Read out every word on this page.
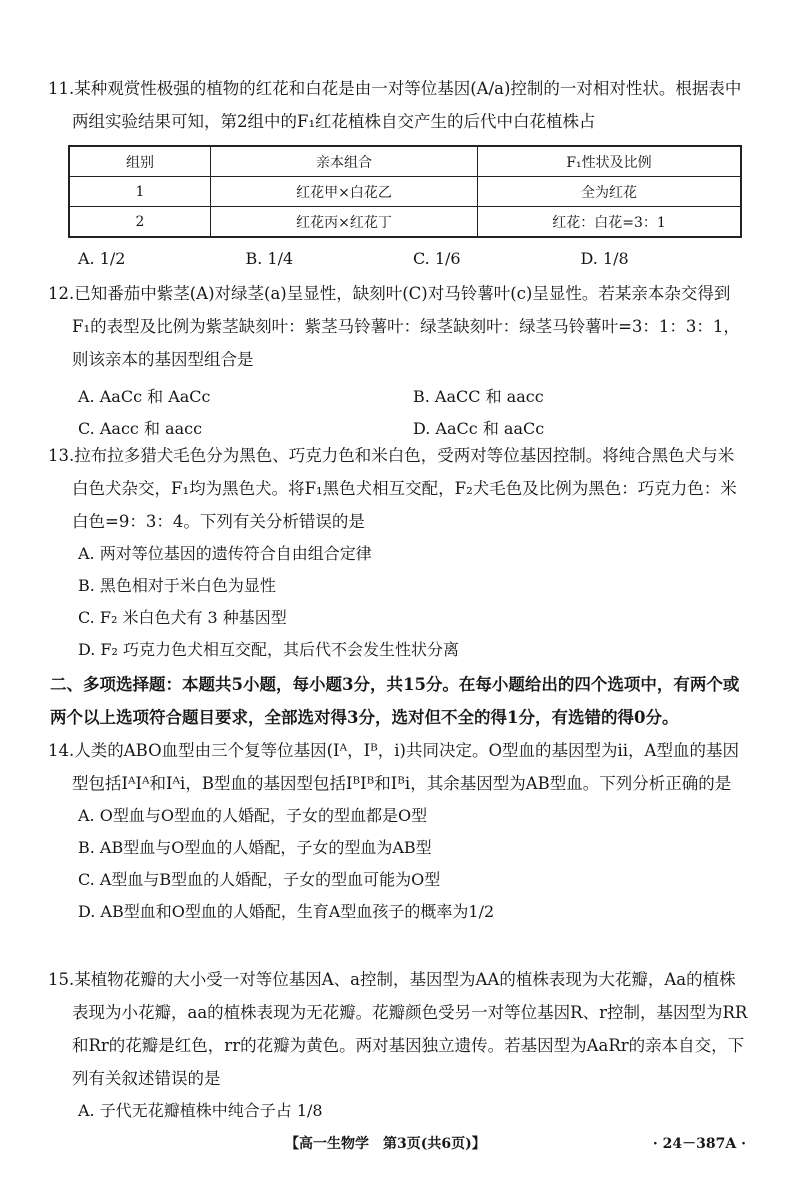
11.某种观赏性极强的植物的红花和白花是由一对等位基因(A/a)控制的一对相对性状。根据表中两组实验结果可知，第2组中的F₁红花植株自交产生的后代中白花植株占
组别	亲本组合	F₁性状及比例
1	红花甲×白花乙	全为红花
2	红花丙×红花丁	红花：白花=3：1
A. 1/2	B. 1/4	C. 1/6	D. 1/8
12.已知番茄中紫茎(A)对绿茎(a)呈显性，缺刻叶(C)对马铃薯叶(c)呈显性。若某亲本杂交得到F₁的表型及比例为紫茎缺刻叶：紫茎马铃薯叶：绿茎缺刻叶：绿茎马铃薯叶=3：1：3：1，则该亲本的基因型组合是
A. AaCc 和 AaCc	B. AaCC 和 aacc
C. Aacc 和 aacc	D. AaCc 和 aaCc
13.拉布拉多猎犬毛色分为黑色、巧克力色和米白色，受两对等位基因控制。将纯合黑色犬与米白色犬杂交，F₁均为黑色犬。将F₁黑色犬相互交配，F₂犬毛色及比例为黑色：巧克力色：米白色=9：3：4。下列有关分析错误的是
A. 两对等位基因的遗传符合自由组合定律
B. 黑色相对于米白色为显性
C. F₂ 米白色犬有 3 种基因型
D. F₂ 巧克力色犬相互交配，其后代不会发生性状分离
二、多项选择题：本题共5小题，每小题3分，共15分。在每小题给出的四个选项中，有两个或两个以上选项符合题目要求，全部选对得3分，选对但不全的得1分，有选错的得0分。
14.人类的ABO血型由三个复等位基因(Iᴬ，Iᴮ，i)共同决定。O型血的基因型为ii，A型血的基因型包括IᴬIᴬ和Iᴬi，B型血的基因型包括IᴮIᴮ和Iᴮi，其余基因型为AB型血。下列分析正确的是
A. O型血与O型血的人婚配，子女的型血都是O型
B. AB型血与O型血的人婚配，子女的型血为AB型
C. A型血与B型血的人婚配，子女的型血可能为O型
D. AB型血和O型血的人婚配，生育A型血孩子的概率为1/2
15.某植物花瓣的大小受一对等位基因A、a控制，基因型为AA的植株表现为大花瓣，Aa的植株表现为小花瓣，aa的植株表现为无花瓣。花瓣颜色受另一对等位基因R、r控制，基因型为RR和Rr的花瓣是红色，rr的花瓣为黄色。两对基因独立遗传。若基因型为AaRr的亲本自交，下列有关叙述错误的是
A. 子代无花瓣植株中纯合子占 1/8
【高一生物学　第3页(共6页)】	· 24－387A ·
